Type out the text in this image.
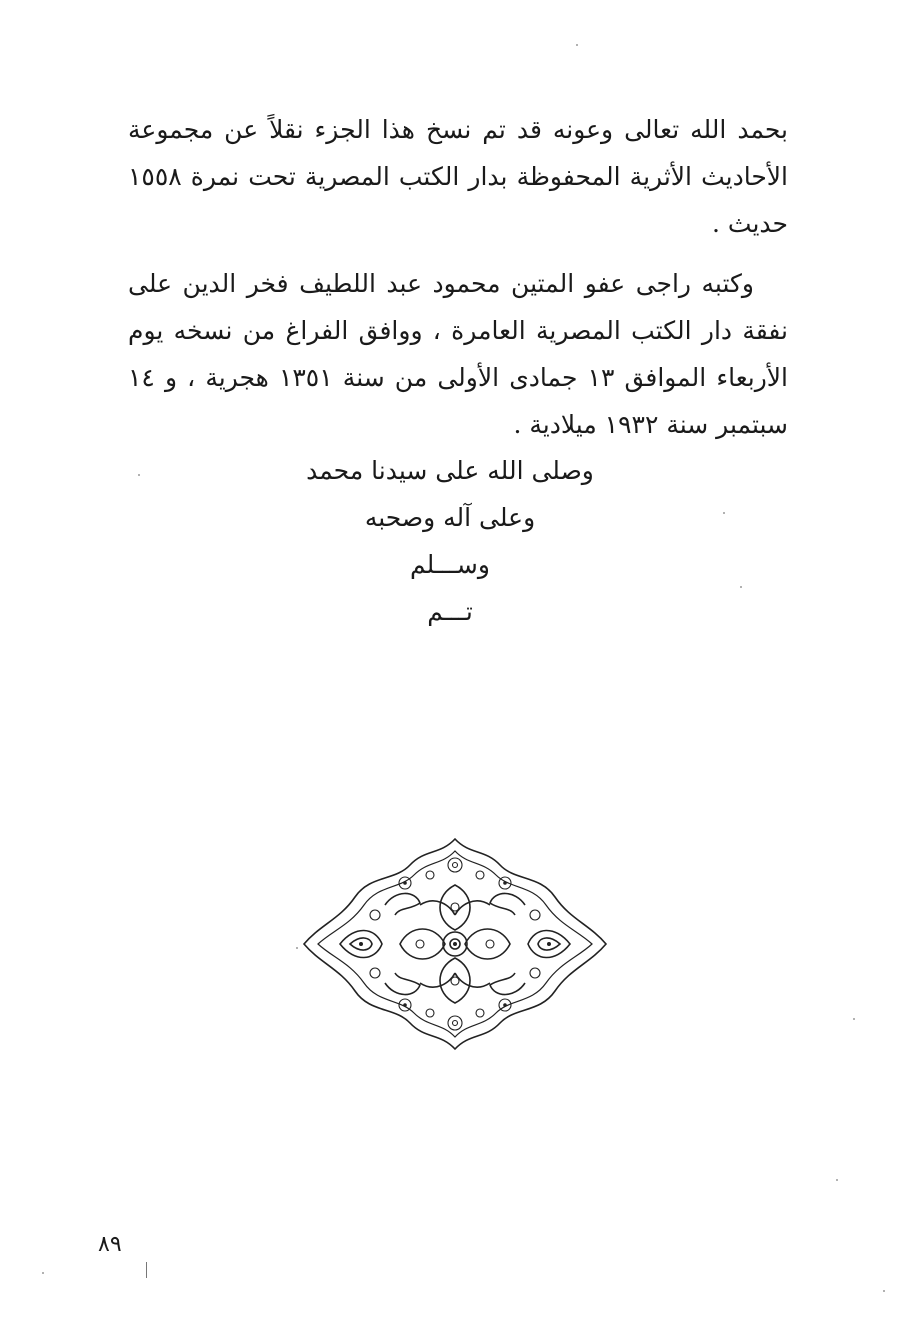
بحمد الله تعالى وعونه قد تم نسخ هذا الجزء نقلاً عن مجموعة الأحاديث الأثرية المحفوظة بدار الكتب المصرية تحت نمرة ١٥٥٨ حديث .

وكتبه راجى عفو المتين محمود عبد اللطيف فخر الدين على نفقة دار الكتب المصرية العامرة ، ووافق الفراغ من نسخه يوم الأربعاء الموافق ١٣ جمادى الأولى من سنة ١٣٥١ هجرية ، و ١٤ سبتمبر سنة ١٩٣٢ ميلادية .

وصلى الله على سيدنا محمد
وعلى آله وصحبه
وســـلم
تـــم
٨٩
